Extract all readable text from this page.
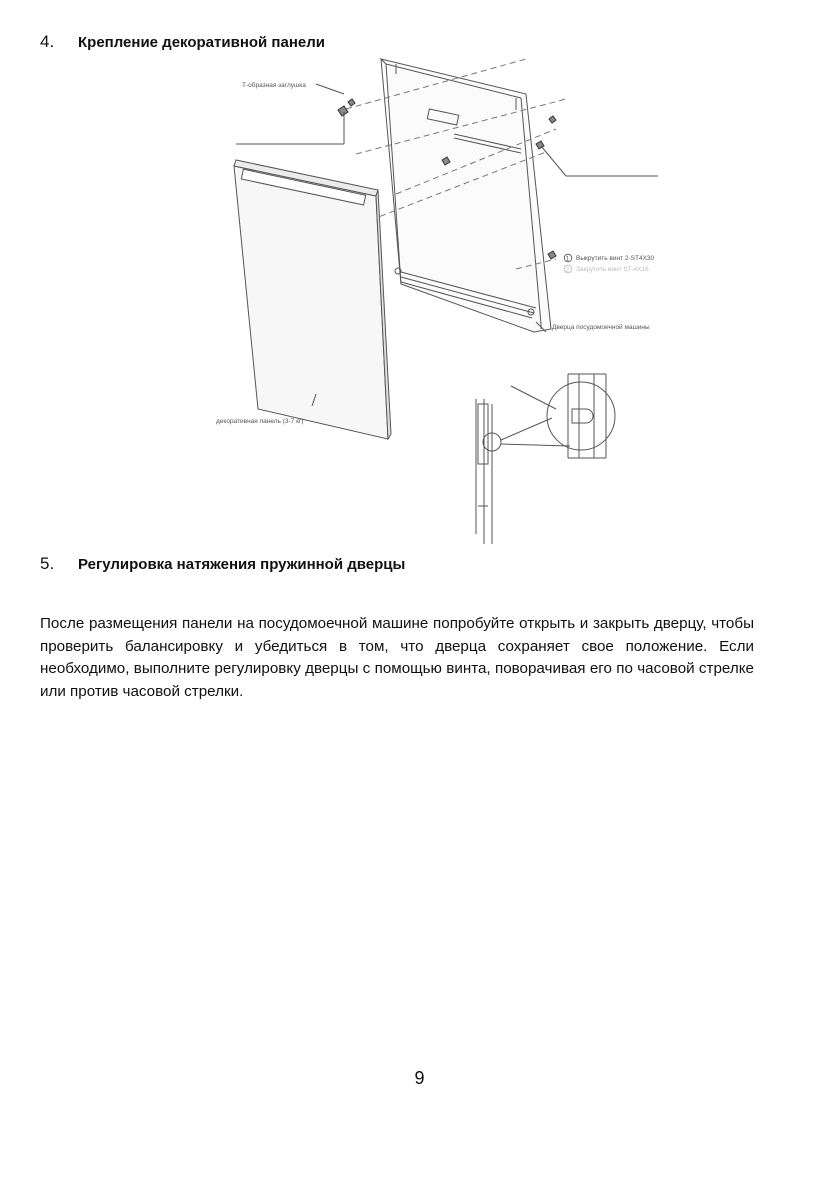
4.	Крепление декоративной панели
Т-образная заглушка
1 Выкрутить винт 2-ST4X30
2 Закрутить винт ST-4X16
Дверца посудомоечной машины
декоративная панель (3-7 кг)
5.	Регулировка натяжения пружинной дверцы

После размещения панели на посудомоечной машине попробуйте открыть и закрыть дверцу, чтобы проверить балансировку и убедиться в том, что дверца сохраняет свое положение. Если необходимо, выполните регулировку дверцы с помощью винта, поворачивая его по часовой стрелке или против часовой стрелки.

9
